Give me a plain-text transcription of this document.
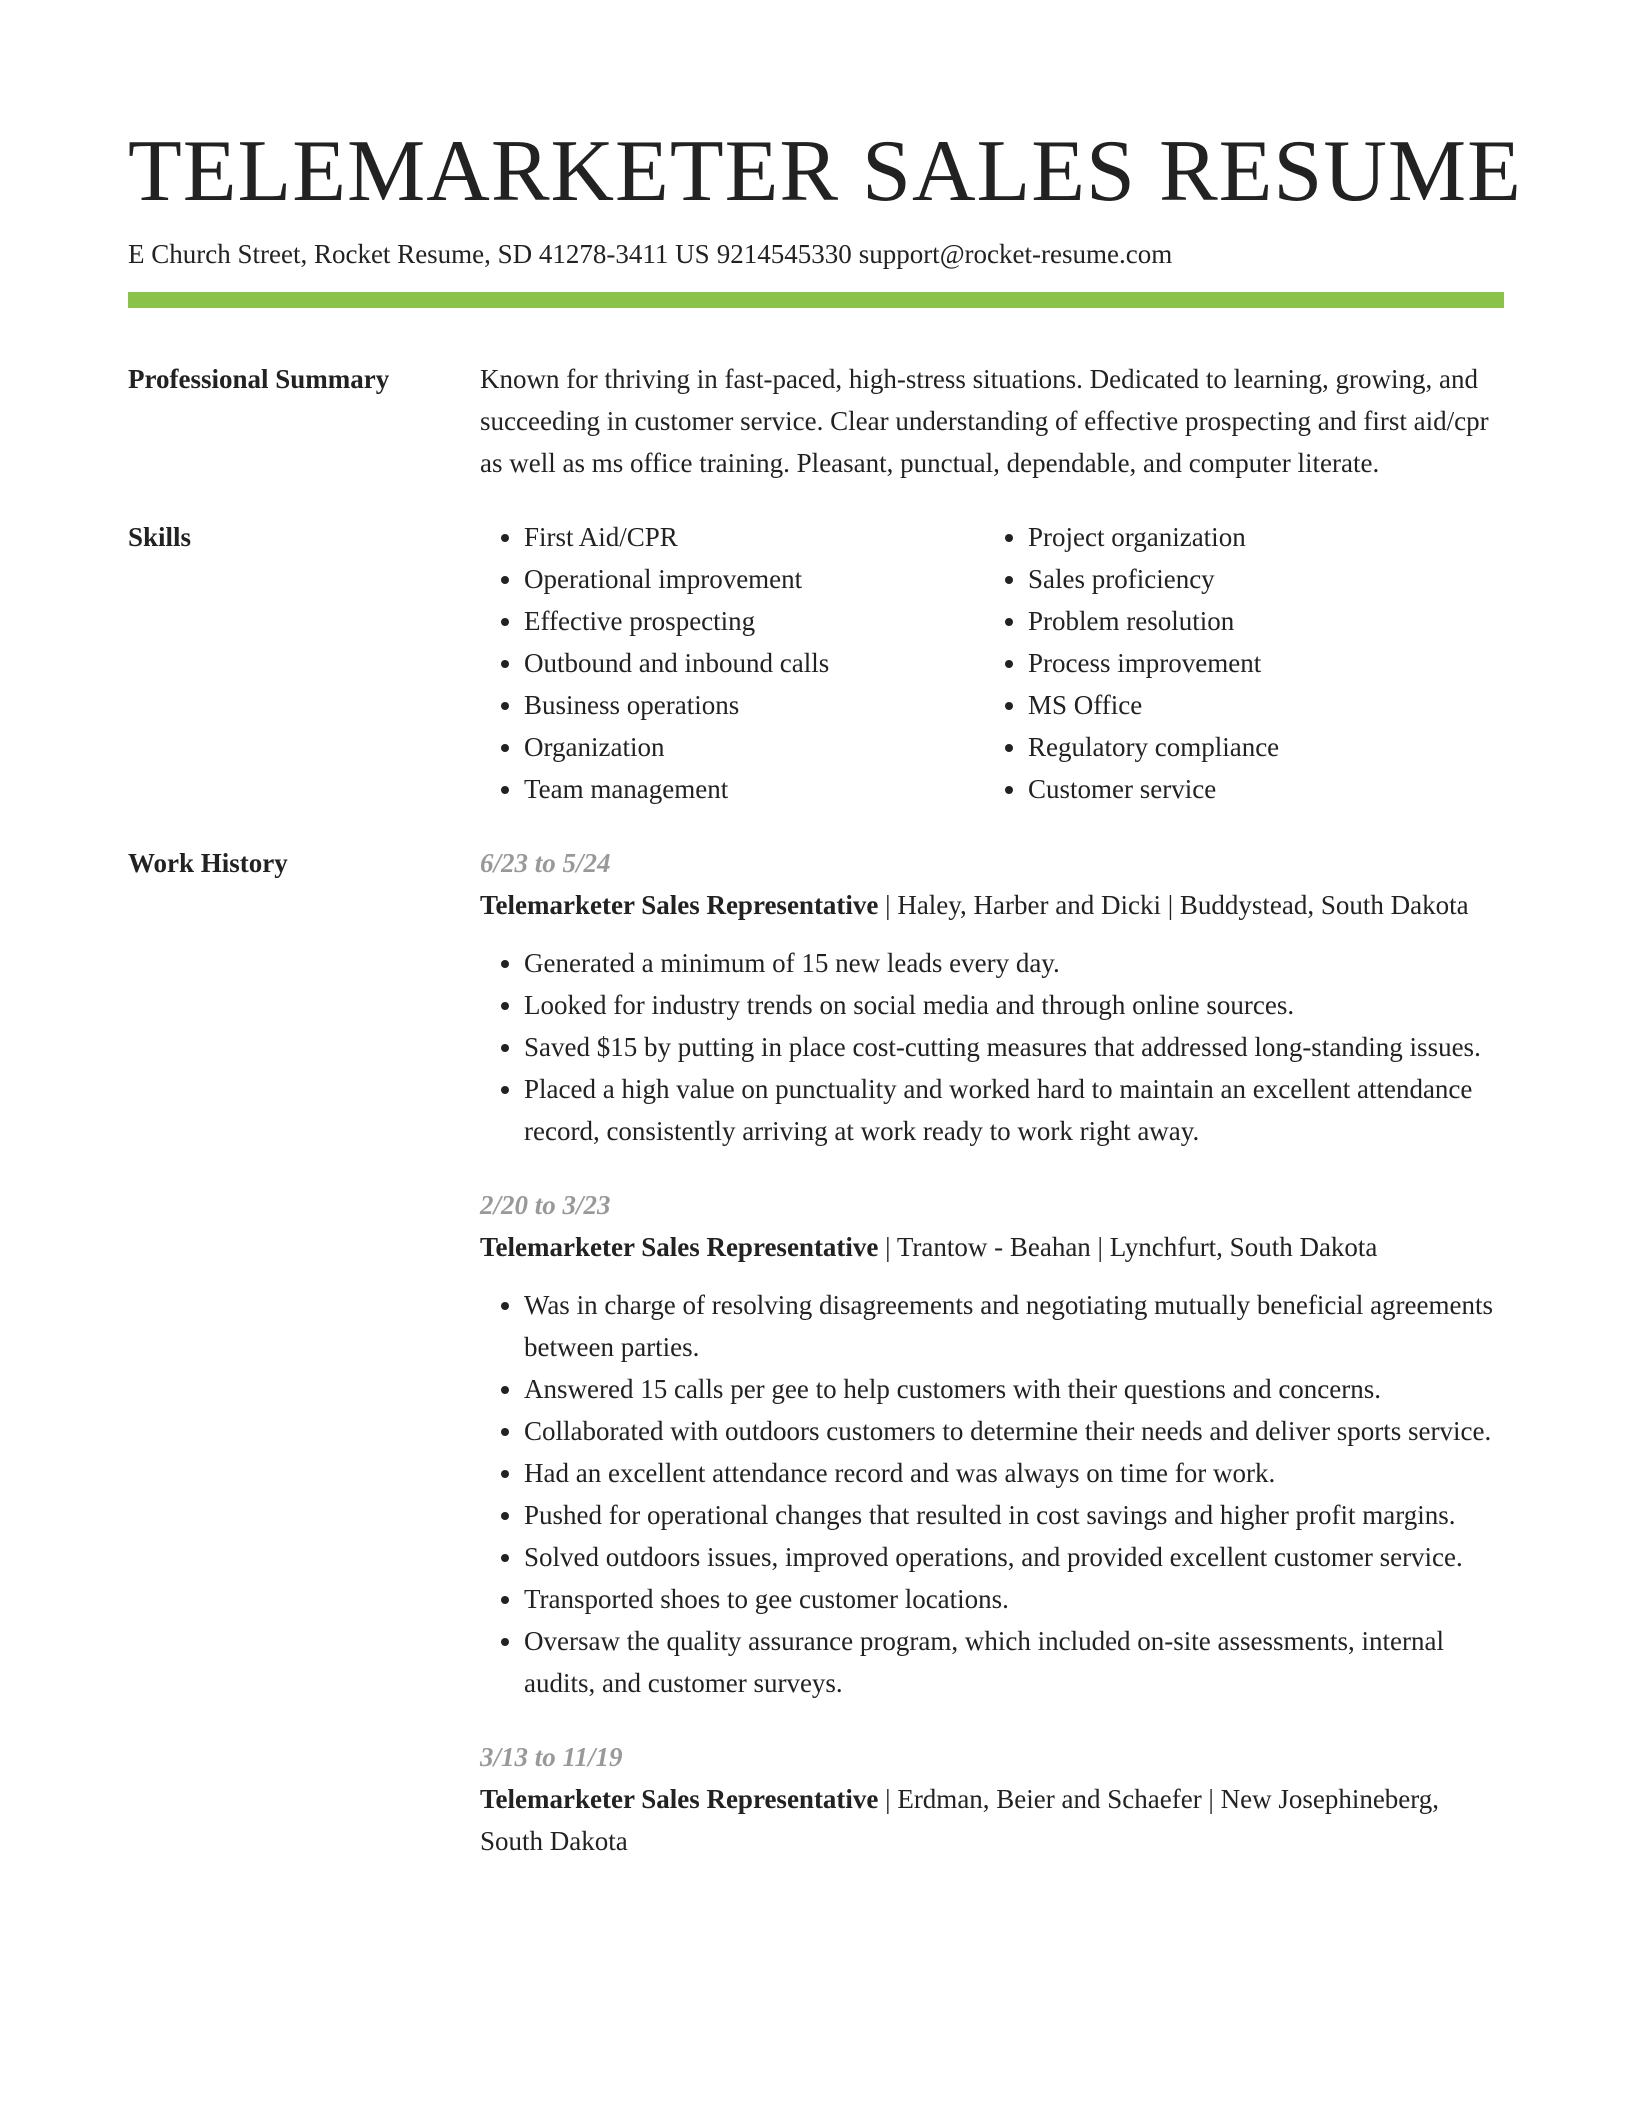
TELEMARKETER SALES RESUME
E Church Street, Rocket Resume, SD 41278-3411 US 9214545330 support@rocket-resume.com
Professional Summary	Known for thriving in fast-paced, high-stress situations. Dedicated to learning, growing, and succeeding in customer service. Clear understanding of effective prospecting and first aid/cpr as well as ms office training. Pleasant, punctual, dependable, and computer literate.
Skills
•	First Aid/CPR
• Operational improvement
• Effective prospecting
• Outbound and inbound calls
• Business operations
• Organization
• Team management
• Project organization
• Sales proficiency
• Problem resolution
• Process improvement
• MS Office
• Regulatory compliance
• Customer service
Work History	6/23 to 5/24
Telemarketer Sales Representative | Haley, Harber and Dicki | Buddystead, South Dakota
• Generated a minimum of 15 new leads every day.
• Looked for industry trends on social media and through online sources.
• Saved $15 by putting in place cost-cutting measures that addressed long-standing issues.
• Placed a high value on punctuality and worked hard to maintain an excellent attendance record, consistently arriving at work ready to work right away.
2/20 to 3/23
Telemarketer Sales Representative | Trantow - Beahan | Lynchfurt, South Dakota
• Was in charge of resolving disagreements and negotiating mutually beneficial agreements between parties.
• Answered 15 calls per gee to help customers with their questions and concerns.
• Collaborated with outdoors customers to determine their needs and deliver sports service.
• Had an excellent attendance record and was always on time for work.
• Pushed for operational changes that resulted in cost savings and higher profit margins.
• Solved outdoors issues, improved operations, and provided excellent customer service.
• Transported shoes to gee customer locations.
• Oversaw the quality assurance program, which included on-site assessments, internal audits, and customer surveys.
3/13 to 11/19
Telemarketer Sales Representative | Erdman, Beier and Schaefer | New Josephineberg, South Dakota
